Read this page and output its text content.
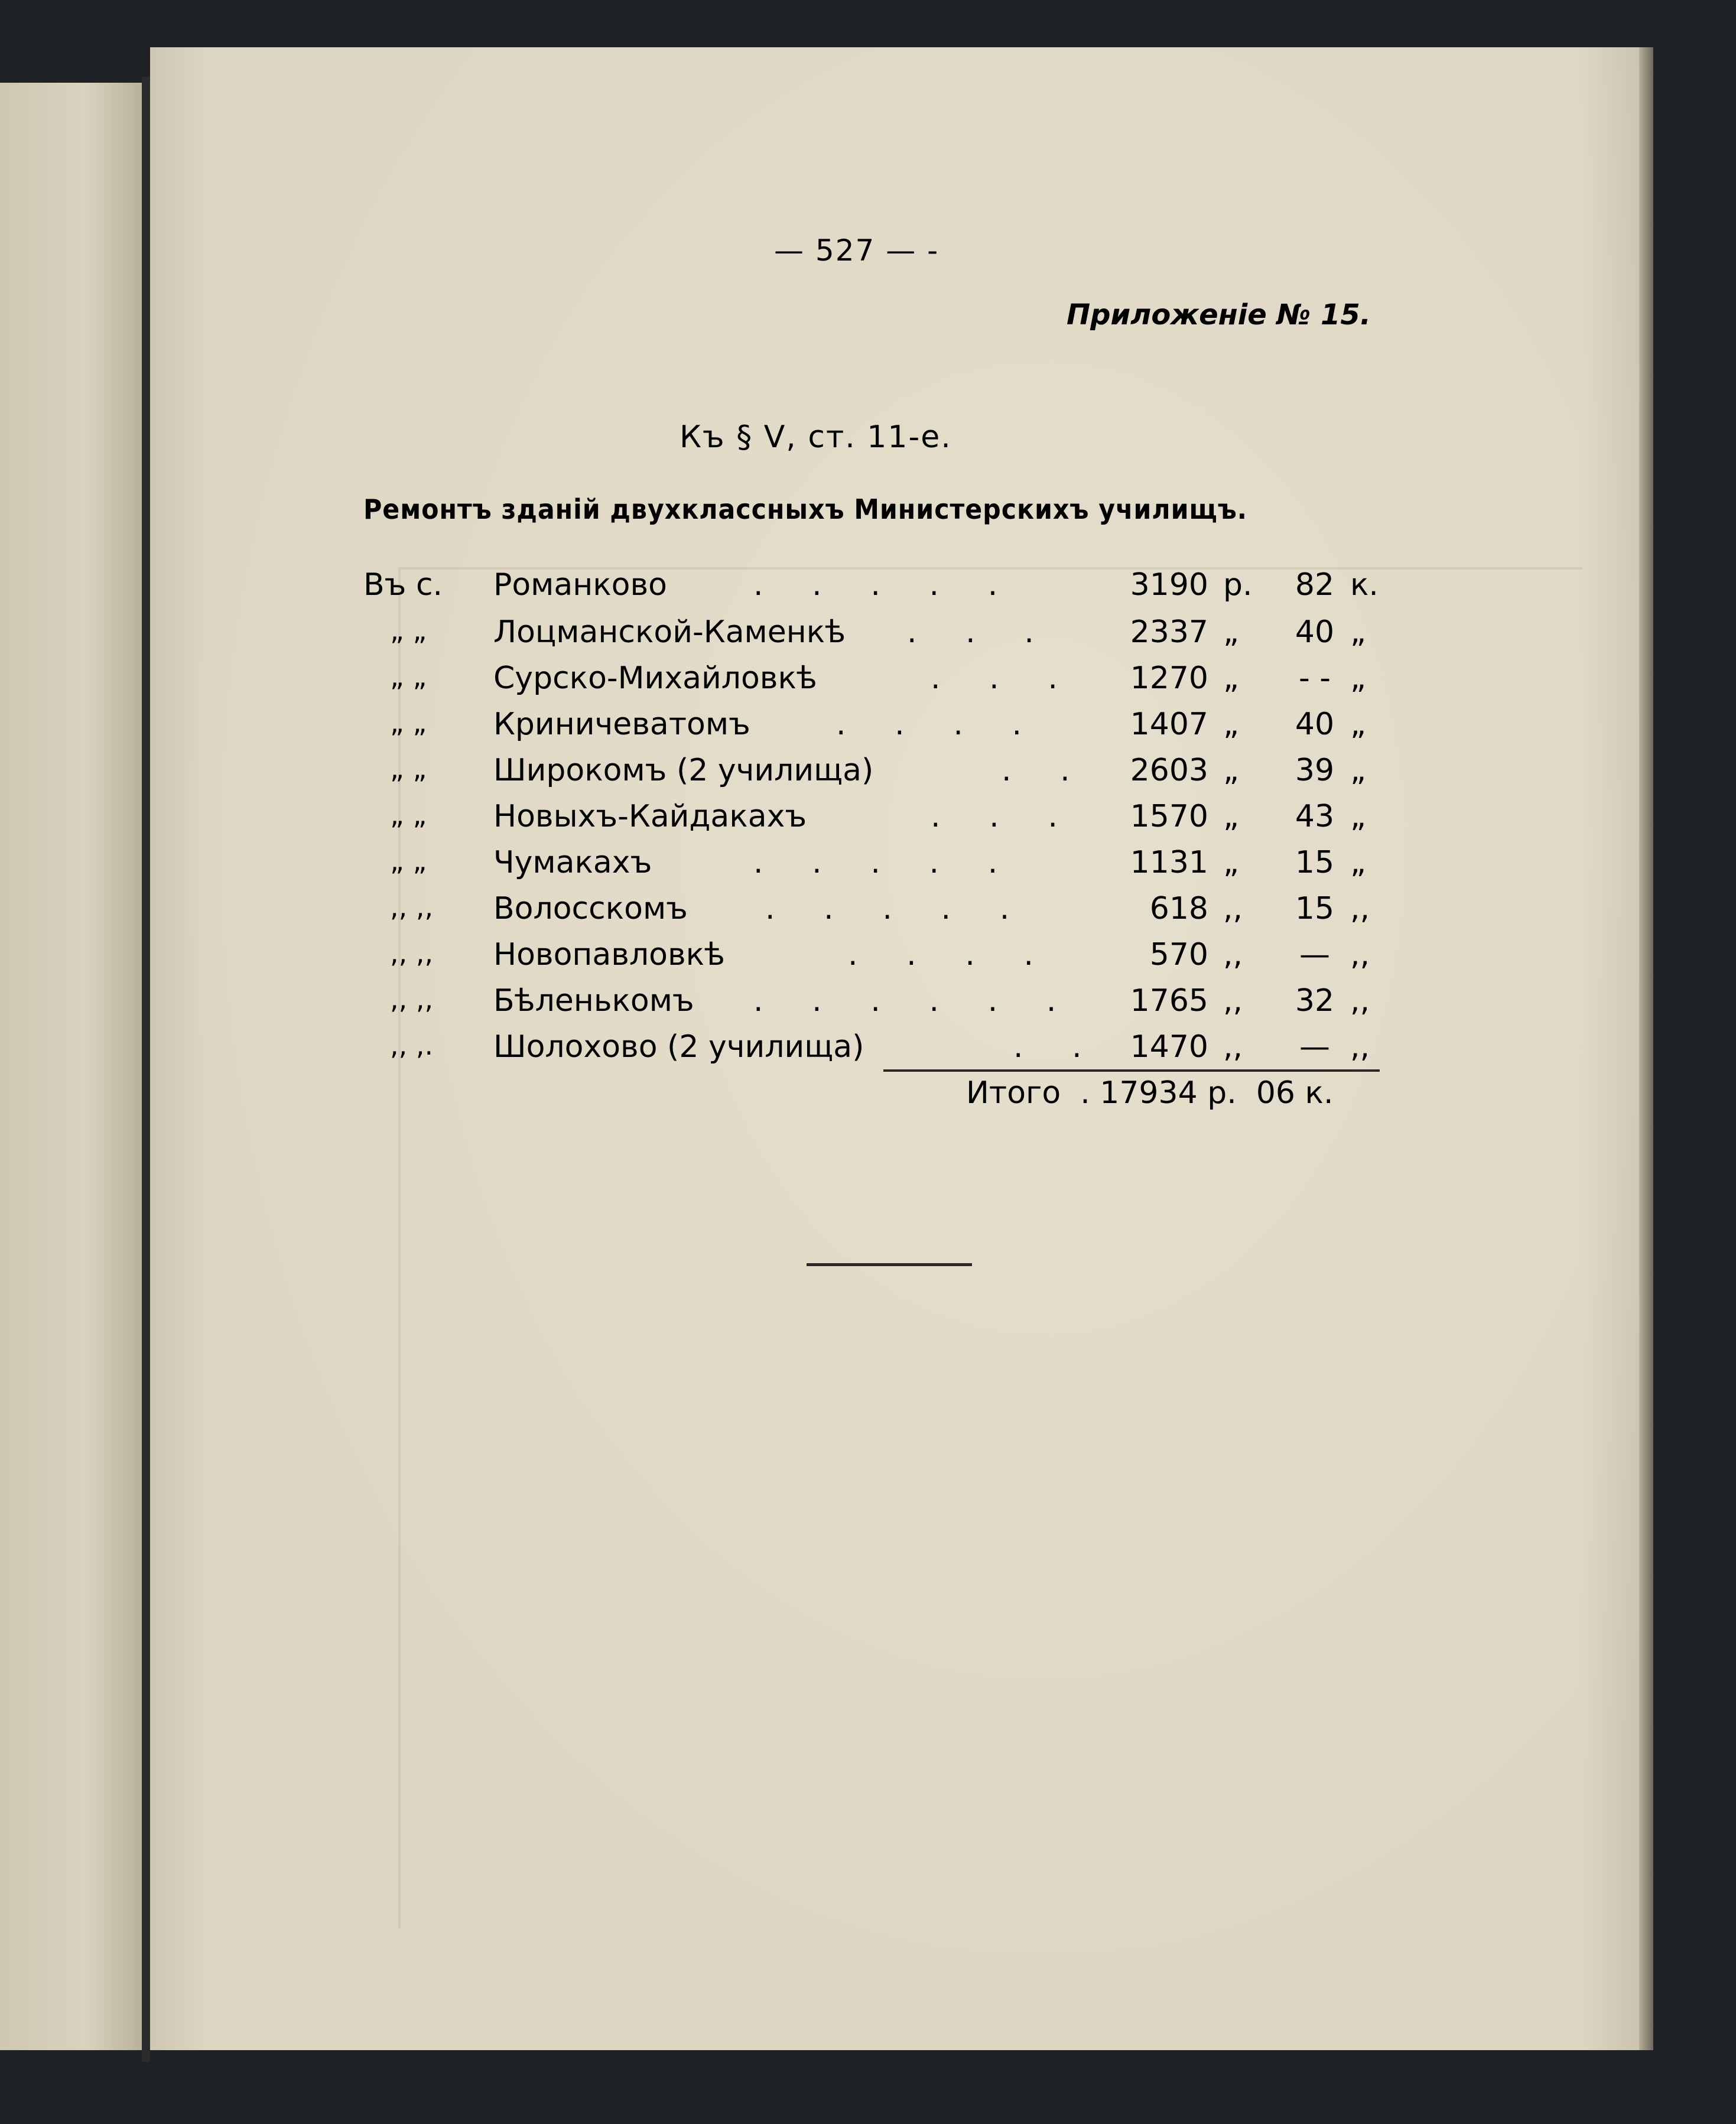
— 527 — -
Приложенiе № 15.
Къ § V, ст. 11-е.
Ремонтъ зданiй двухклассныхъ Министерскихъ училищъ.
Въ с. Романково	.     .     .     .     .	3190 р.	82 к.
„ „ Лоцманской-Каменкѣ .     .     .	2337 „	40 „
„ „ Сурско-Михайловкѣ	.     .     .	1270 „	- - „
„ „ Криничеватомъ	.     .     .     .	1407 „	40 „
„ „ Широкомъ (2 училища)	.     .	2603 „	39 „
„ „ Новыхъ-Кайдакахъ	.     .     .	1570 „	43 „
„ „ Чумакахъ	.     .     .     .     .	1131 „	15 „
,, ,, Волосскомъ	.     .     .     .     .	618 ,,	15 ,,
,, ,, Новопавловкѣ	.     .     .     .	570 ,,	— ,,
,, ,, Бѣленькомъ .     .     .     .     .     .	1765 ,,	32 ,,
,, ,. Шолохово (2 училища)	.     .	1470 ,,	— ,,
Итого  . 17934 р. 06 к.
